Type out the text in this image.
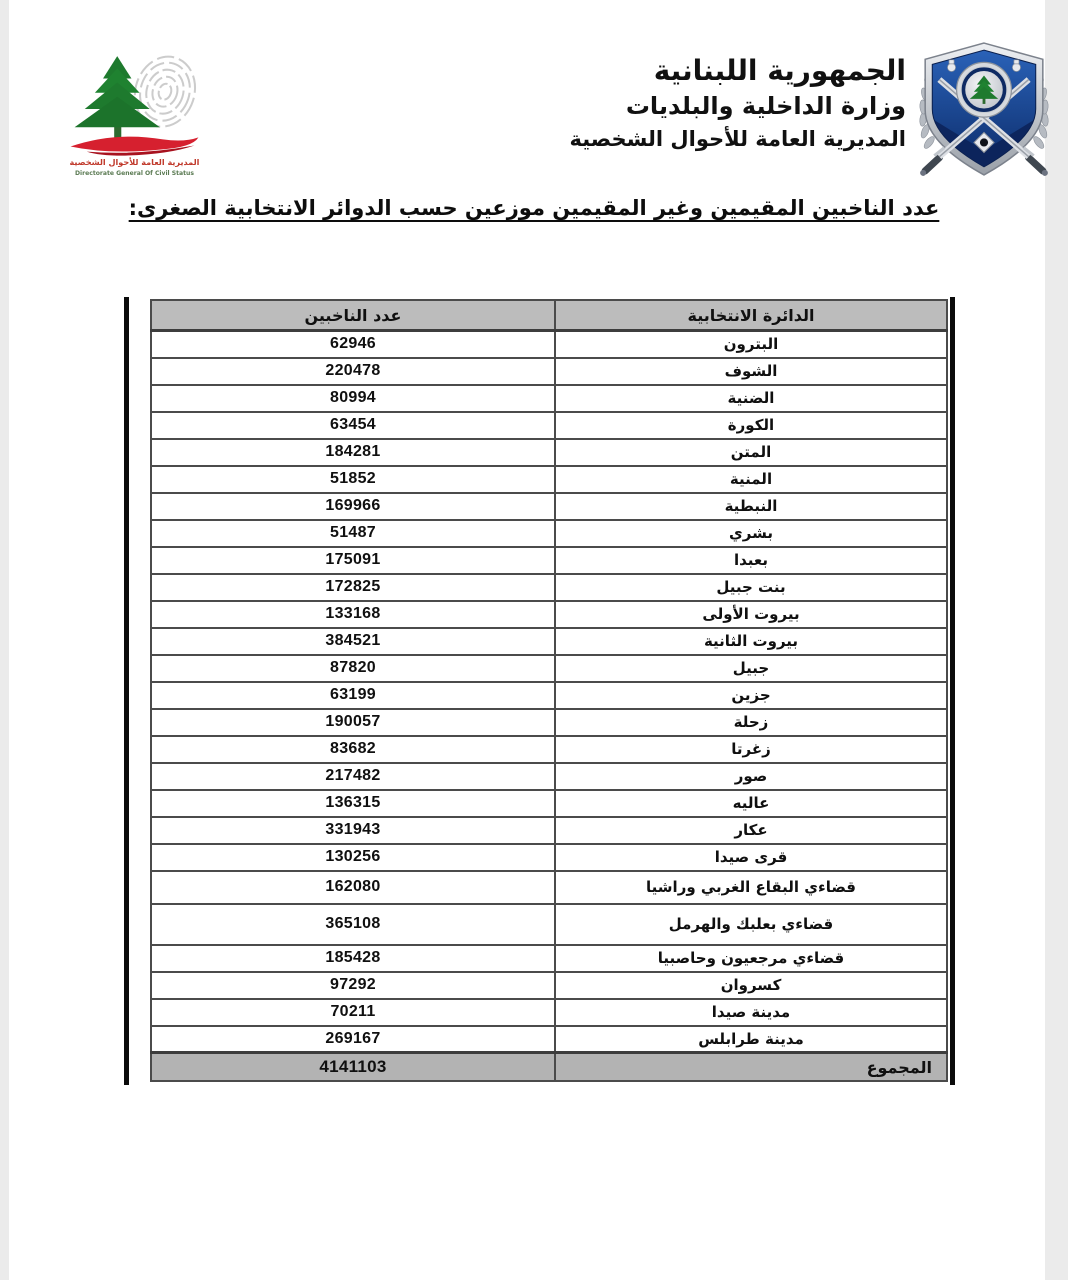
المديرية العامة للأحوال الشخصية
Directorate General Of Civil Status
الجمهورية اللبنانية
وزارة الداخلية والبلديات
المديرية العامة للأحوال الشخصية
عدد الناخبين المقيمين وغير المقيمين موزعين حسب الدوائر الانتخابية الصغرى:
عدد الناخبين	الدائرة الانتخابية
62946	البترون
220478	الشوف
80994	الضنية
63454	الكورة
184281	المتن
51852	المنية
169966	النبطية
51487	بشري
175091	بعبدا
172825	بنت جبيل
133168	بيروت الأولى
384521	بيروت الثانية
87820	جبيل
63199	جزين
190057	زحلة
83682	زغرتا
217482	صور
136315	عاليه
331943	عكار
130256	قرى صيدا
162080	قضاءي البقاع الغربي وراشيا
365108	قضاءي بعلبك والهرمل
185428	قضاءي مرجعيون وحاصبيا
97292	كسروان
70211	مدينة صيدا
269167	مدينة طرابلس
4141103	المجموع
